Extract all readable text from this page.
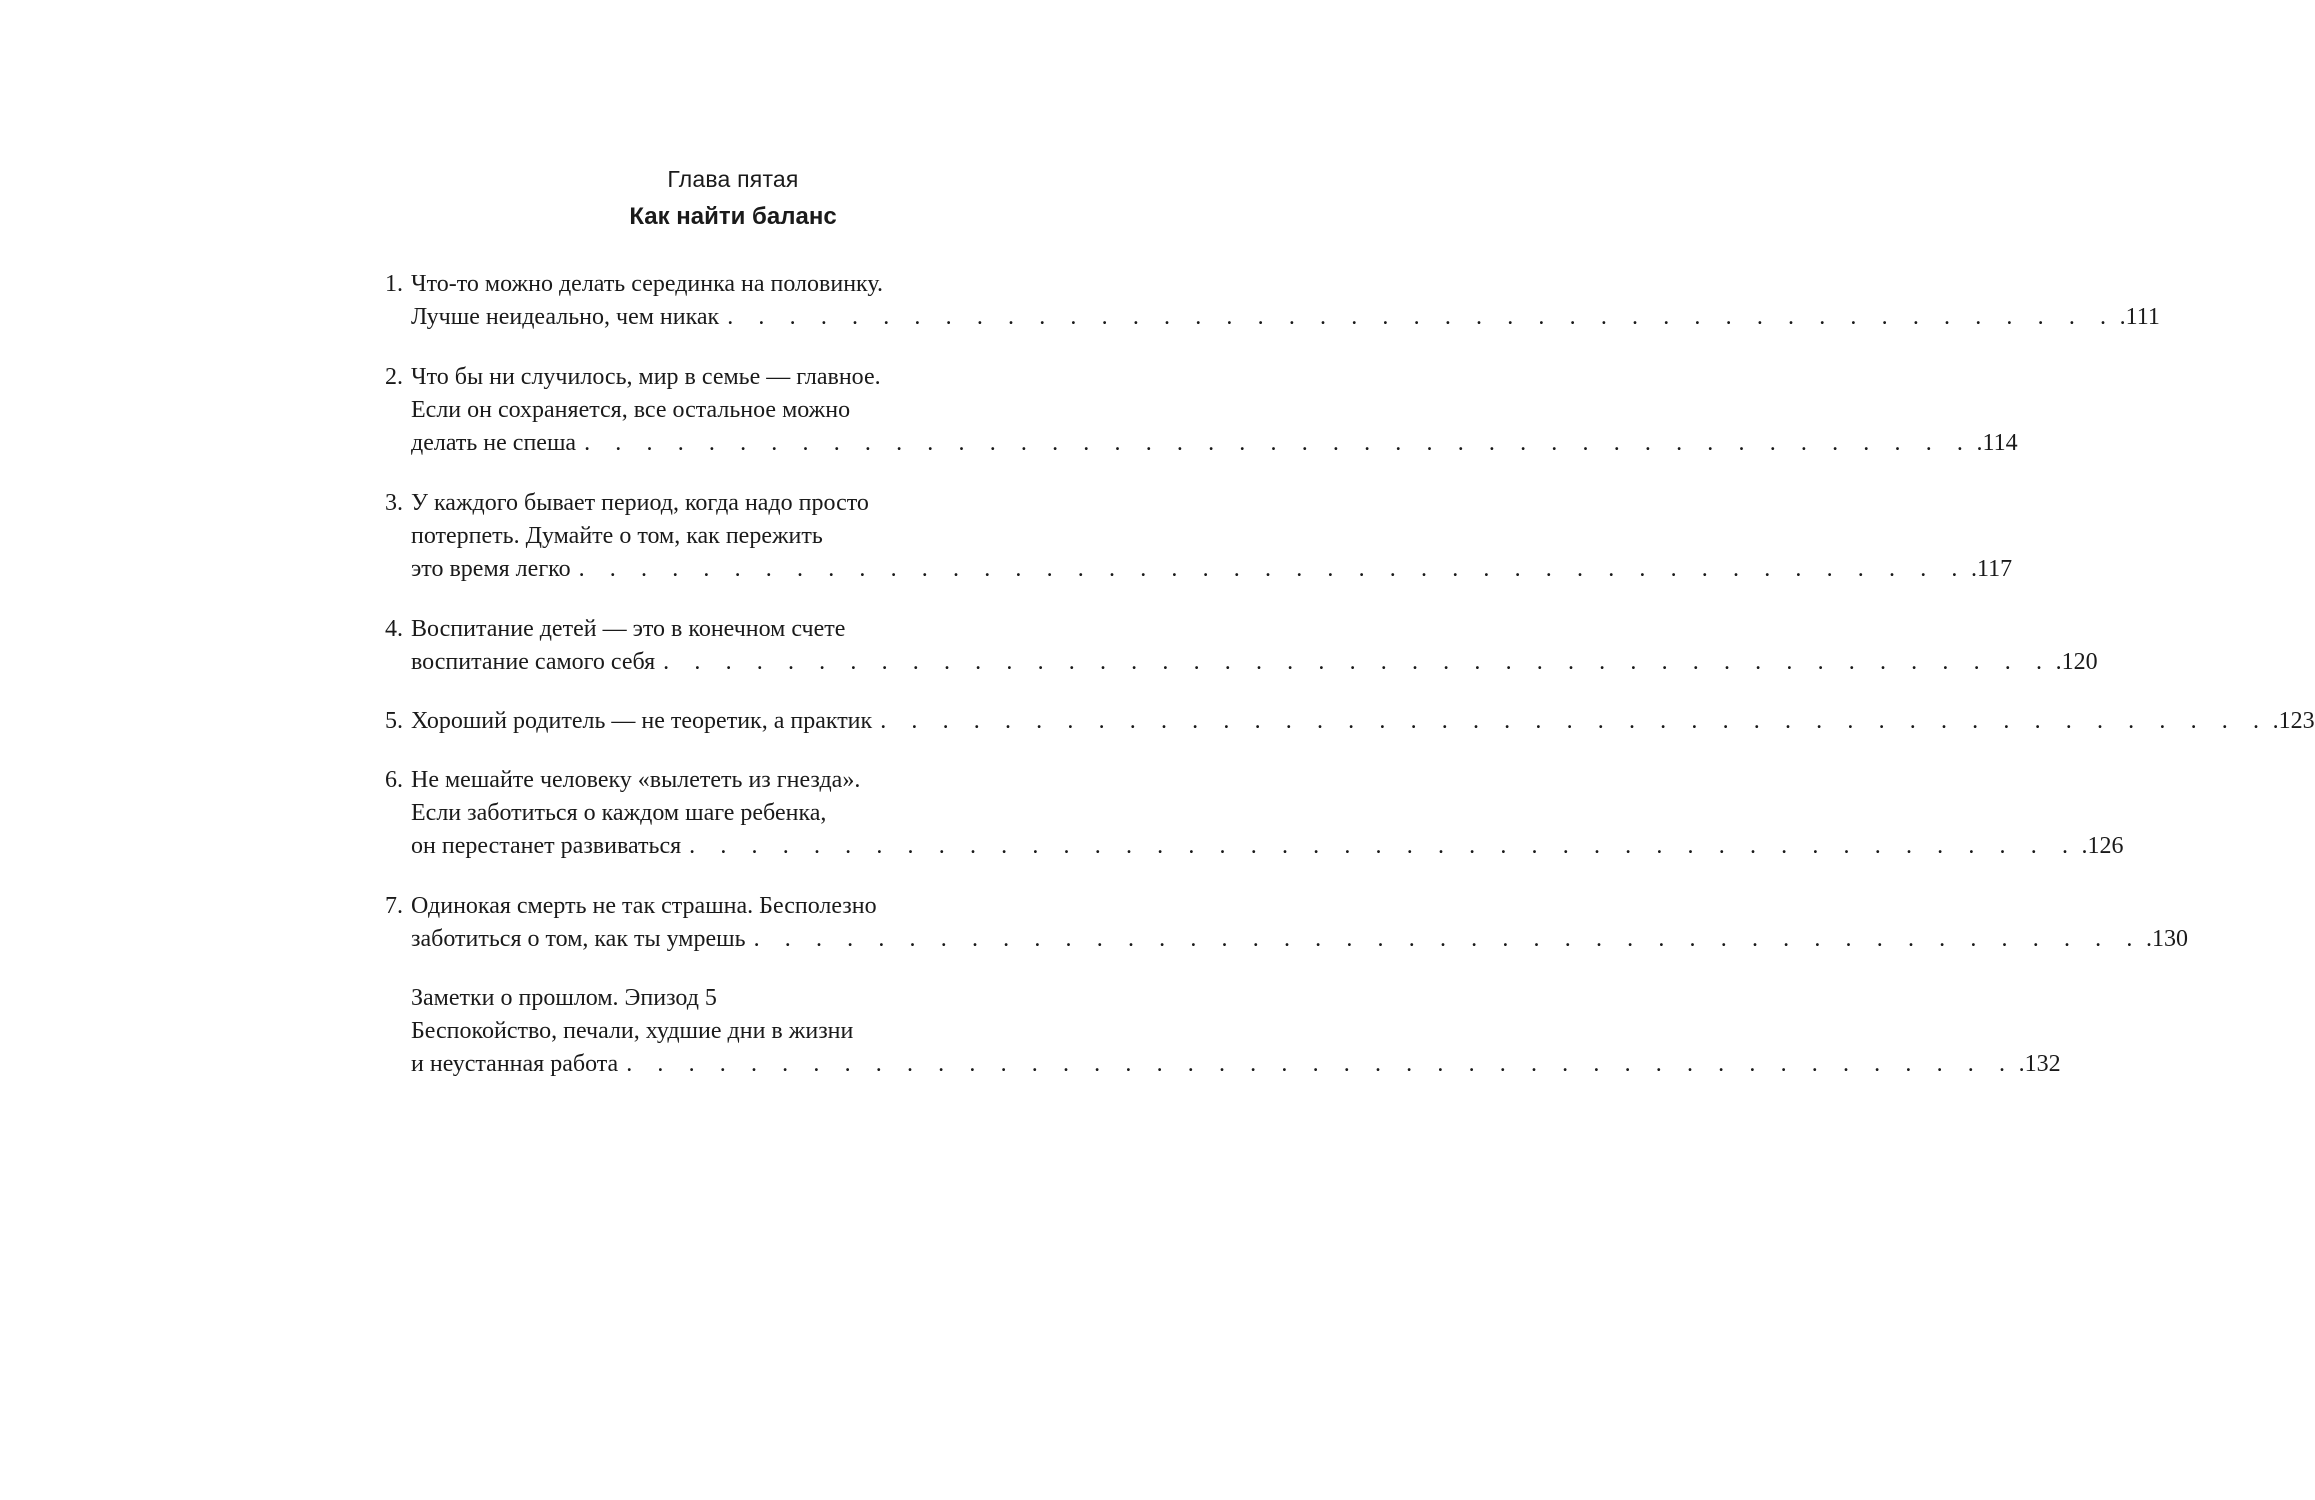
Глава пятая
Как найти баланс
1. Что-то можно делать серединка на половинку.
Лучше неидеально, чем никак . . . . . . . . . . . . . . . . . . . . . . . . . . . . . . . . . . . . . . . . . . . . . .111
2. Что бы ни случилось, мир в семье — главное.
Если он сохраняется, все остальное можно
делать не спеша . . . . . . . . . . . . . . . . . . . . . . . . . . . . . . . . . . . . . . . . . . . . . .114
3. У каждого бывает период, когда надо просто
потерпеть. Думайте о том, как пережить
это время легко . . . . . . . . . . . . . . . . . . . . . . . . . . . . . . . . . . . . . . . . . . . . . .117
4. Воспитание детей — это в конечном счете
воспитание самого себя . . . . . . . . . . . . . . . . . . . . . . . . . . . . . . . . . . . . . . . . . . . . . .120
5. Хороший родитель — не теоретик, а практик . . . . . . . . . . . . . . . . . . . . . . . . . . . . . . . . . . . . . . . . . . . . . .123
6. Не мешайте человеку «вылететь из гнезда».
Если заботиться о каждом шаге ребенка,
он перестанет развиваться . . . . . . . . . . . . . . . . . . . . . . . . . . . . . . . . . . . . . . . . . . . . . .126
7. Одинокая смерть не так страшна. Бесполезно
заботиться о том, как ты умрешь . . . . . . . . . . . . . . . . . . . . . . . . . . . . . . . . . . . . . . . . . . . . . .130
Заметки о прошлом. Эпизод 5
Беспокойство, печали, худшие дни в жизни
и неустанная работа . . . . . . . . . . . . . . . . . . . . . . . . . . . . . . . . . . . . . . . . . . . . . .132
